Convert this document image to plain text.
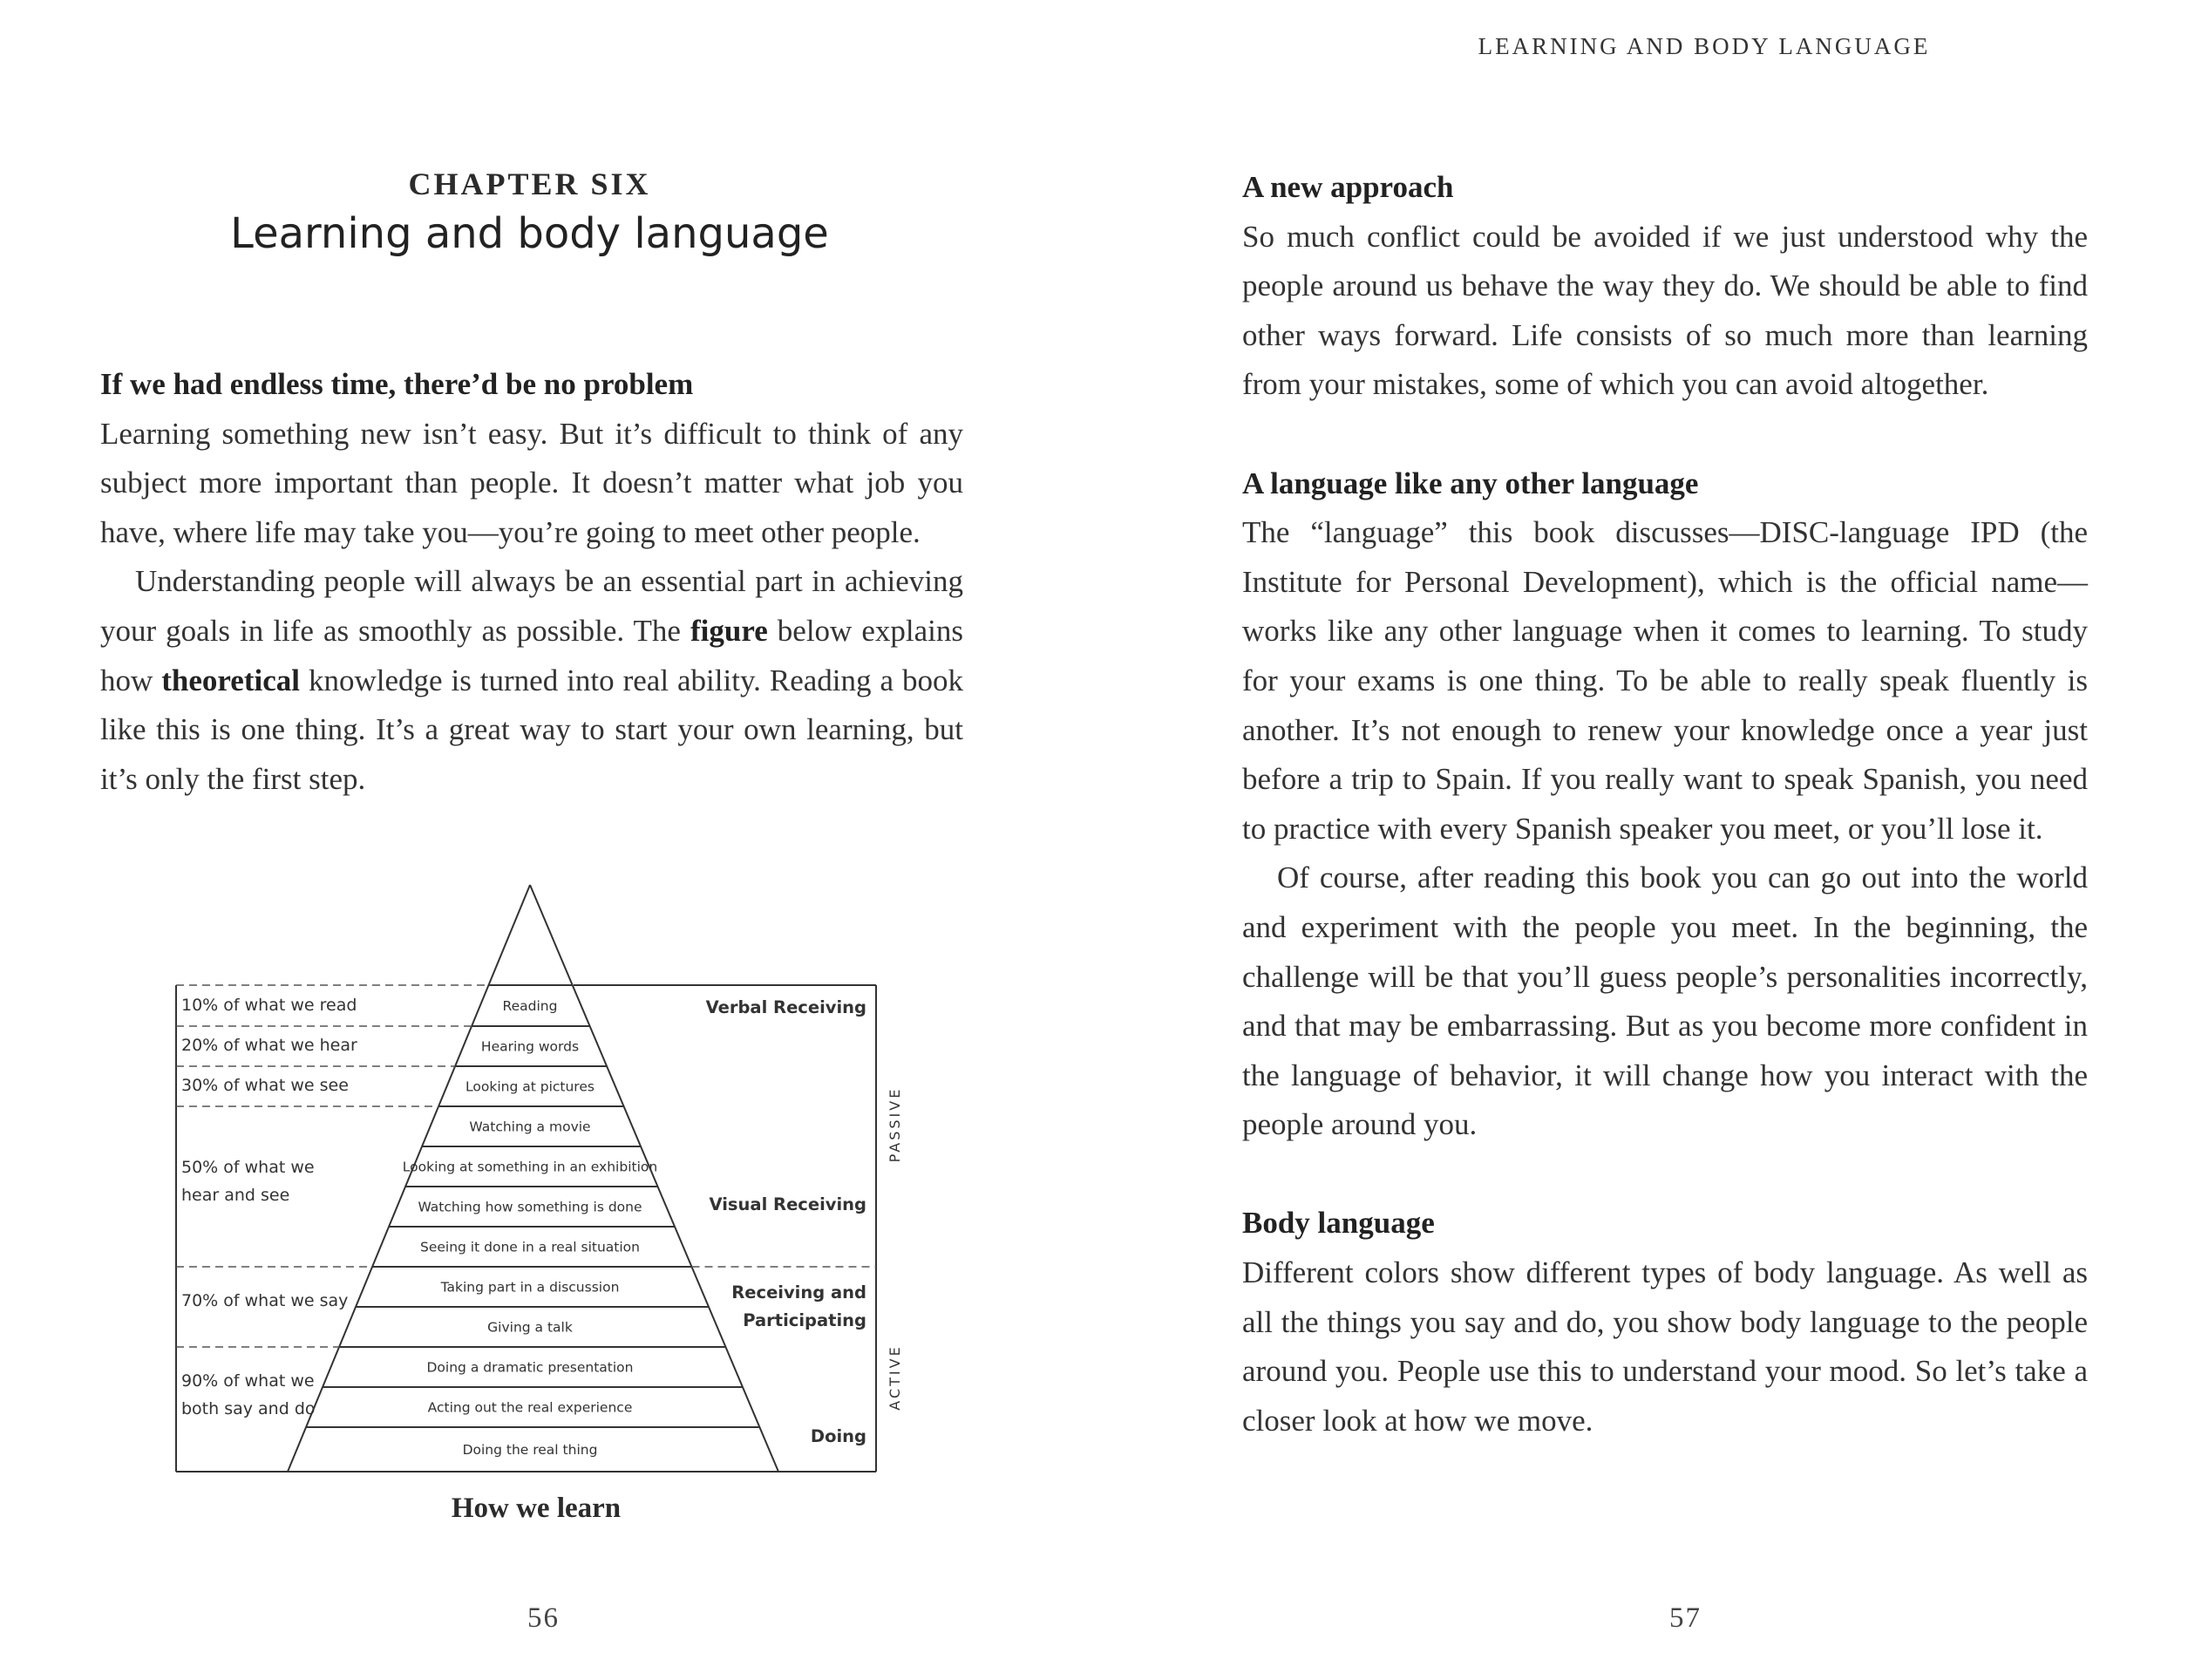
CHAPTER SIX
Learning and body language
If we had endless time, there’d be no problem

Learning something new isn’t easy. But it’s difficult to think of any subject more important than people. It doesn’t matter what job you have, where life may take you—you’re going to meet other people.

Understanding people will always be an essential part in achieving your goals in life as smoothly as possible. The figure below explains how theoretical knowledge is turned into real ability. Reading a book like this is one thing. It’s a great way to start your own learning, but it’s only the first step.

Reading
Hearing words
Looking at pictures
Watching a movie
Looking at something in an exhibition
Watching how something is done
Seeing it done in a real situation
Taking part in a discussion
Giving a talk
Doing a dramatic presentation
Acting out the real experience
Doing the real thing
10% of what we read
20% of what we hear
30% of what we see
50% of what we
hear and see
70% of what we say
90% of what we
both say and do
Verbal Receiving
Visual Receiving
Receiving and
Participating
Doing
PASSIVE
ACTIVE
How we learn
56
LEARNING AND BODY LANGUAGE
A new approach

So much conflict could be avoided if we just understood why the people around us behave the way they do. We should be able to find other ways forward. Life consists of so much more than learning from your mistakes, some of which you can avoid altogether.

A language like any other language

The “language” this book discusses—DISC-language IPD (the Institute for Personal Development), which is the official name—works like any other language when it comes to learning. To study for your exams is one thing. To be able to really speak fluently is another. It’s not enough to renew your knowledge once a year just before a trip to Spain. If you really want to speak Spanish, you need to practice with every Spanish speaker you meet, or you’ll lose it.

Of course, after reading this book you can go out into the world and experiment with the people you meet. In the beginning, the challenge will be that you’ll guess people’s personalities incorrectly, and that may be embarrassing. But as you become more confident in the language of behavior, it will change how you interact with the people around you.

Body language

Different colors show different types of body language. As well as all the things you say and do, you show body language to the people around you. People use this to understand your mood. So let’s take a closer look at how we move.

57
